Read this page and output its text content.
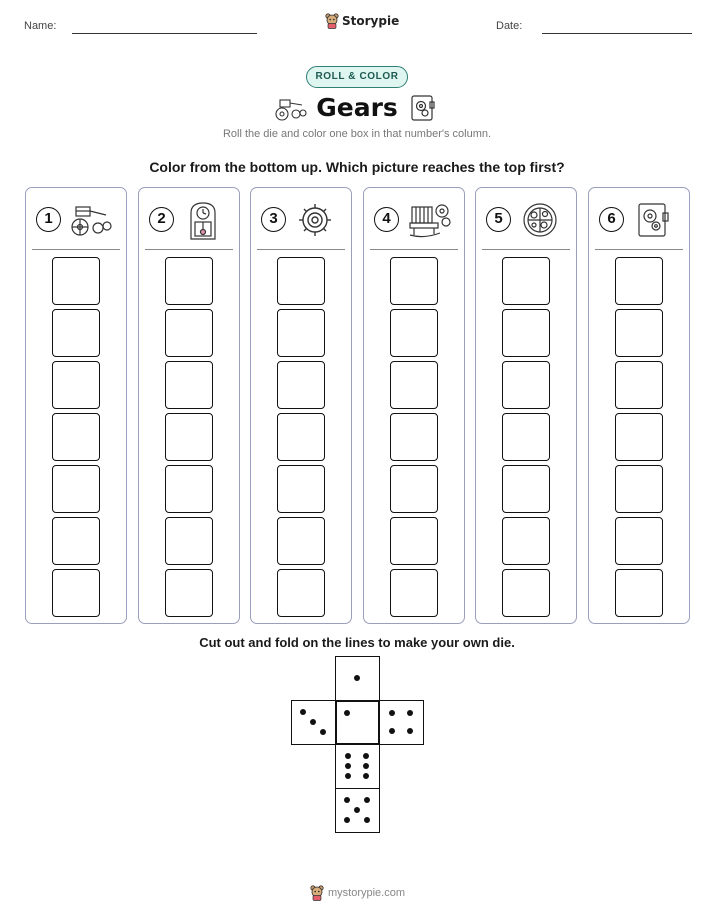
Name:	Storypie	Date:
ROLL & COLOR
Gears
Roll the die and color one box in that number's column.
Color from the bottom up. Which picture reaches the top first?
1	2	3	4	5	6
Cut out and fold on the lines to make your own die.
mystorypie.com
